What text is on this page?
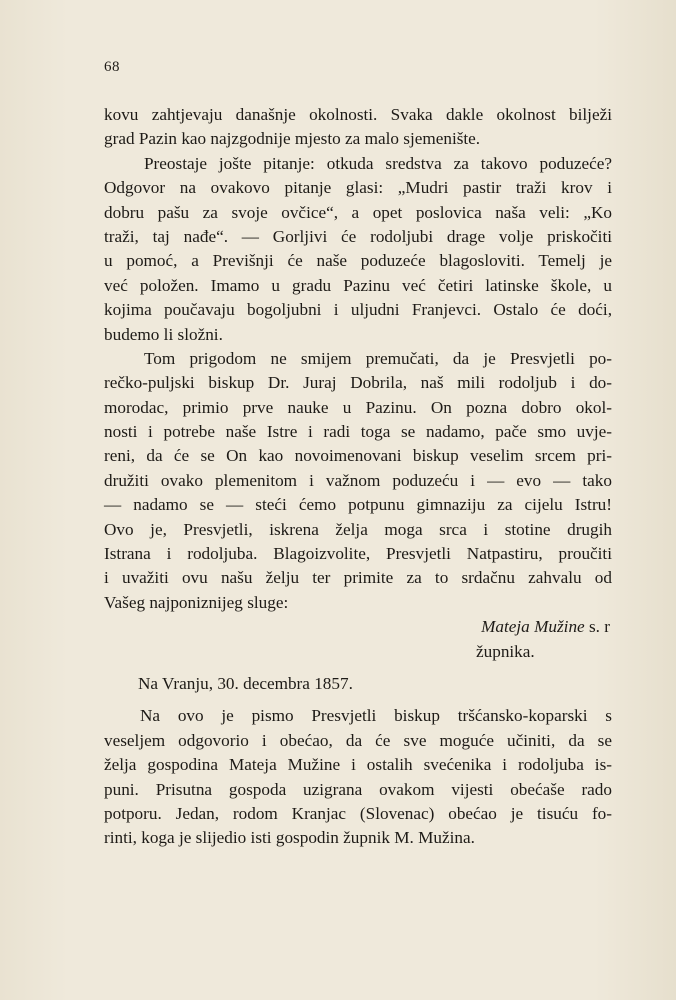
68
kovu zahtjevaju današnje okolnosti. Svaka dakle okolnost bilježi
grad Pazin kao najzgodnije mjesto za malo sjemenište.
Preostaje jošte pitanje: otkuda sredstva za takovo poduzeće?
Odgovor na ovakovo pitanje glasi: „Mudri pastir traži krov i
dobru pašu za svoje ovčice“, a opet poslovica naša veli: „Ko
traži, taj nađe“. — Gorljivi će rodoljubi drage volje priskočiti
u pomoć, a Previšnji će naše poduzeće blagosloviti. Temelj je
već položen. Imamo u gradu Pazinu već četiri latinske škole, u
kojima poučavaju bogoljubni i uljudni Franjevci. Ostalo će doći,
budemo li složni.
Tom prigodom ne smijem premučati, da je Presvjetli po-
rečko-puljski biskup Dr. Juraj Dobrila, naš mili rodoljub i do-
morodac, primio prve nauke u Pazinu. On pozna dobro okol-
nosti i potrebe naše Istre i radi toga se nadamo, pače smo uvje-
reni, da će se On kao novoimenovani biskup veselim srcem pri-
družiti ovako plemenitom i važnom poduzeću i — evo — tako
— nadamo se — steći ćemo potpunu gimnaziju za cijelu Istru!
Ovo je, Presvjetli, iskrena želja moga srca i stotine drugih
Istrana i rodoljuba. Blagoizvolite, Presvjetli Natpastiru, proučiti
i uvažiti ovu našu želju ter primite za to srdačnu zahvalu od
Vašeg najponiznijeg sluge:
Mateja Mužine s. r
župnika.
Na Vranju, 30. decembra 1857.
Na ovo je pismo Presvjetli biskup tršćansko-koparski s
veseljem odgovorio i obećao, da će sve moguće učiniti, da se
želja gospodina Mateja Mužine i ostalih svećenika i rodoljuba is-
puni. Prisutna gospoda uzigrana ovakom vijesti obećaše rado
potporu. Jedan, rodom Kranjac (Slovenac) obećao je tisuću fo-
rinti, koga je slijedio isti gospodin župnik M. Mužina.
